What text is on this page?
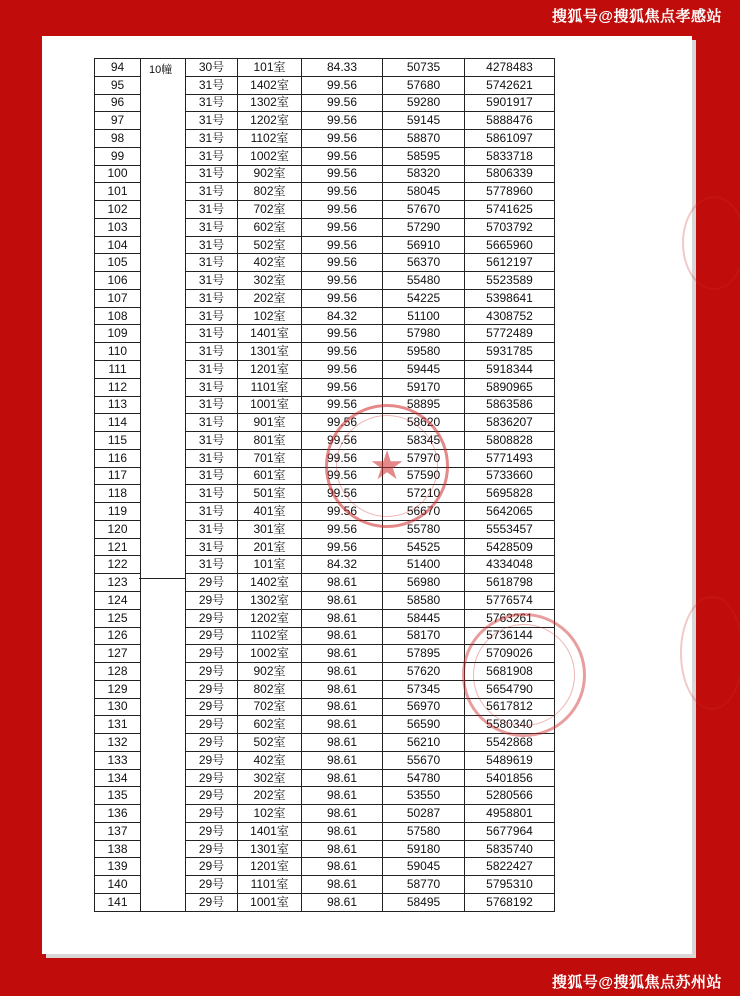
搜狐号@搜狐焦点孝感站
94	10幢	30号	101室	84.33	50735	4278483
95		31号	1402室	99.56	57680	5742621
96		31号	1302室	99.56	59280	5901917
97		31号	1202室	99.56	59145	5888476
98		31号	1102室	99.56	58870	5861097
99		31号	1002室	99.56	58595	5833718
100		31号	902室	99.56	58320	5806339
101		31号	802室	99.56	58045	5778960
102		31号	702室	99.56	57670	5741625
103		31号	602室	99.56	57290	5703792
104		31号	502室	99.56	56910	5665960
105		31号	402室	99.56	56370	5612197
106		31号	302室	99.56	55480	5523589
107		31号	202室	99.56	54225	5398641
108		31号	102室	84.32	51100	4308752
109		31号	1401室	99.56	57980	5772489
110		31号	1301室	99.56	59580	5931785
111		31号	1201室	99.56	59445	5918344
112		31号	1101室	99.56	59170	5890965
113		31号	1001室	99.56	58895	5863586
114		31号	901室	99.56	58620	5836207
115		31号	801室	99.56	58345	5808828
116		31号	701室	99.56	57970	5771493
117		31号	601室	99.56	57590	5733660
118		31号	501室	99.56	57210	5695828
119		31号	401室	99.56	56670	5642065
120		31号	301室	99.56	55780	5553457
121		31号	201室	99.56	54525	5428509
122		31号	101室	84.32	51400	4334048
123		29号	1402室	98.61	56980	5618798
124		29号	1302室	98.61	58580	5776574
125		29号	1202室	98.61	58445	5763261
126		29号	1102室	98.61	58170	5736144
127		29号	1002室	98.61	57895	5709026
128		29号	902室	98.61	57620	5681908
129		29号	802室	98.61	57345	5654790
130		29号	702室	98.61	56970	5617812
131		29号	602室	98.61	56590	5580340
132		29号	502室	98.61	56210	5542868
133		29号	402室	98.61	55670	5489619
134		29号	302室	98.61	54780	5401856
135		29号	202室	98.61	53550	5280566
136		29号	102室	98.61	50287	4958801
137		29号	1401室	98.61	57580	5677964
138		29号	1301室	98.61	59180	5835740
139		29号	1201室	98.61	59045	5822427
140		29号	1101室	98.61	58770	5795310
141		29号	1001室	98.61	58495	5768192
★
搜狐号@搜狐焦点苏州站
